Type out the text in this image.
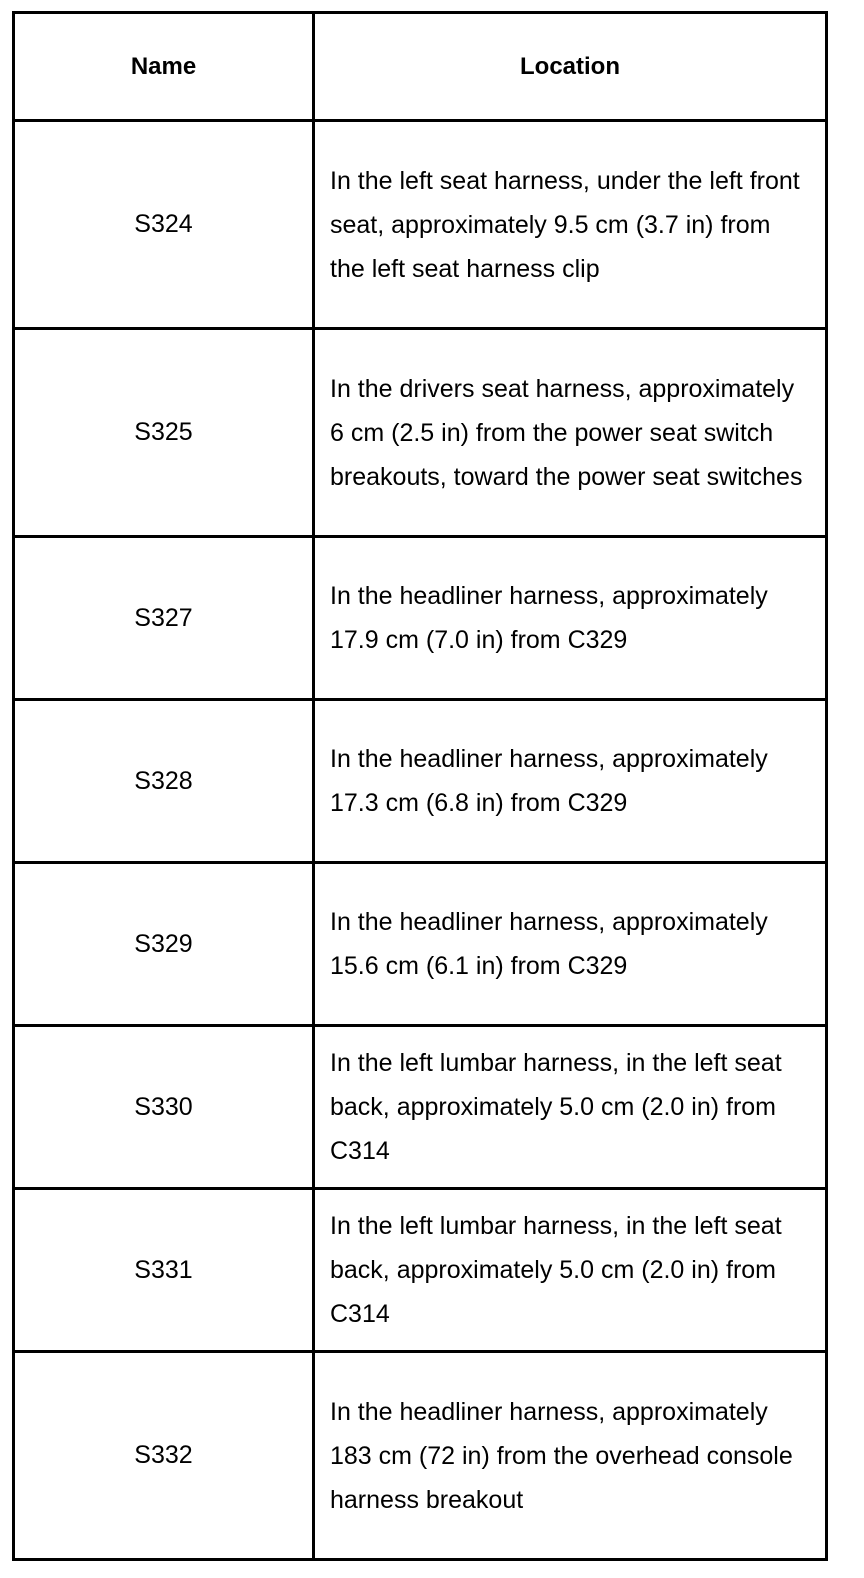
Name	Location
S324	In the left seat harness, under the left front seat, approximately 9.5 cm (3.7 in) from the left seat harness clip
S325	In the drivers seat harness, approximately 6 cm (2.5 in) from the power seat switch breakouts, toward the power seat switches
S327	In the headliner harness, approximately 17.9 cm (7.0 in) from C329
S328	In the headliner harness, approximately 17.3 cm (6.8 in) from C329
S329	In the headliner harness, approximately 15.6 cm (6.1 in) from C329
S330	In the left lumbar harness, in the left seat back, approximately 5.0 cm (2.0 in) from C314
S331	In the left lumbar harness, in the left seat back, approximately 5.0 cm (2.0 in) from C314
S332	In the headliner harness, approximately 183 cm (72 in) from the overhead console harness breakout
